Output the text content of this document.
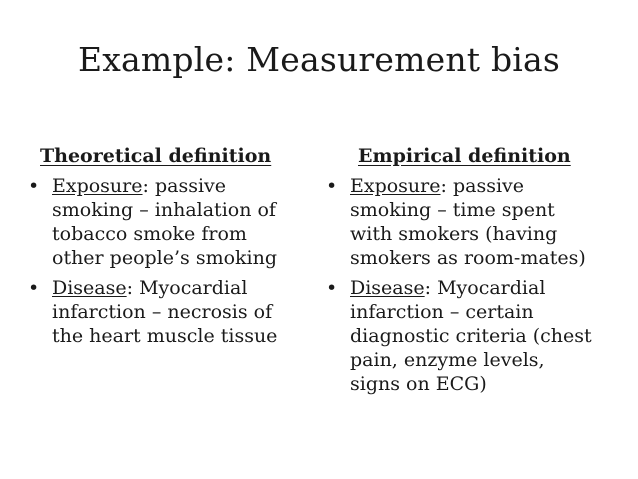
Example: Measurement bias
Theoretical definition
• Exposure: passive smoking – inhalation of tobacco smoke from other people’s smoking
• Disease: Myocardial infarction – necrosis of the heart muscle tissue
Empirical definition
• Exposure: passive smoking – time spent with smokers (having smokers as room-mates)
• Disease: Myocardial infarction – certain diagnostic criteria (chest pain, enzyme levels, signs on ECG)
